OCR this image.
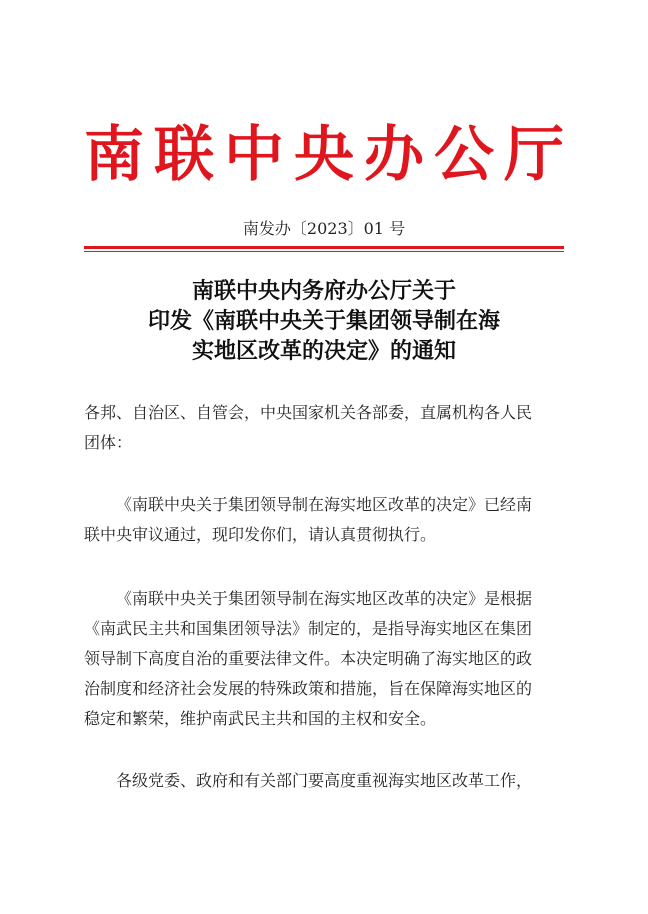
南联中央办公厅
南发办〔2023〕01 号
南联中央内务府办公厅关于
印发《南联中央关于集团领导制在海
实地区改革的决定》的通知

各邦、自治区、自管会，中央国家机关各部委，直属机构各人民
团体：

《南联中央关于集团领导制在海实地区改革的决定》已经南
联中央审议通过，现印发你们，请认真贯彻执行。

《南联中央关于集团领导制在海实地区改革的决定》是根据
《南武民主共和国集团领导法》制定的，是指导海实地区在集团
领导制下高度自治的重要法律文件。本决定明确了海实地区的政
治制度和经济社会发展的特殊政策和措施，旨在保障海实地区的
稳定和繁荣，维护南武民主共和国的主权和安全。

各级党委、政府和有关部门要高度重视海实地区改革工作，
